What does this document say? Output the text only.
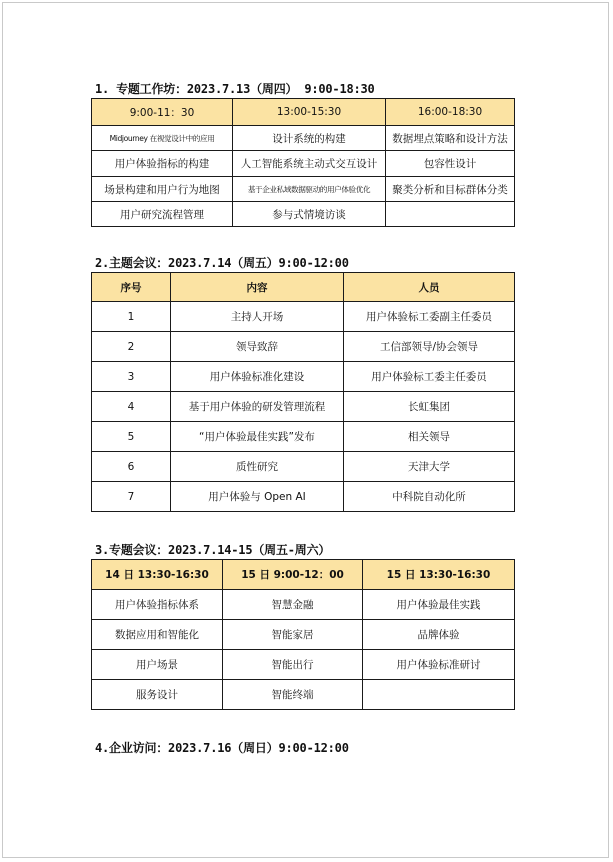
1. 专题工作坊：2023.7.13（周四） 9:00-18:30
9:00-11：30	13:00-15:30	16:00-18:30
Midjourney 在视觉设计中的应用	设计系统的构建	数据埋点策略和设计方法
用户体验指标的构建	人工智能系统主动式交互设计	包容性设计
场景构建和用户行为地图	基于企业私域数据驱动的用户体验优化	聚类分析和目标群体分类
用户研究流程管理	参与式情境访谈	
2.主题会议：2023.7.14（周五）9:00-12:00
序号	内容	人员
1	主持人开场	用户体验标工委副主任委员
2	领导致辞	工信部领导/协会领导
3	用户体验标准化建设	用户体验标工委主任委员
4	基于用户体验的研发管理流程	长虹集团
5	“用户体验最佳实践”发布	相关领导
6	质性研究	天津大学
7	用户体验与 Open AI	中科院自动化所
3.专题会议：2023.7.14-15（周五-周六）
14 日 13:30-16:30	15 日 9:00-12：00	15 日 13:30-16:30
用户体验指标体系	智慧金融	用户体验最佳实践
数据应用和智能化	智能家居	品牌体验
用户场景	智能出行	用户体验标准研讨
服务设计	智能终端	
4.企业访问：2023.7.16（周日）9:00-12:00
